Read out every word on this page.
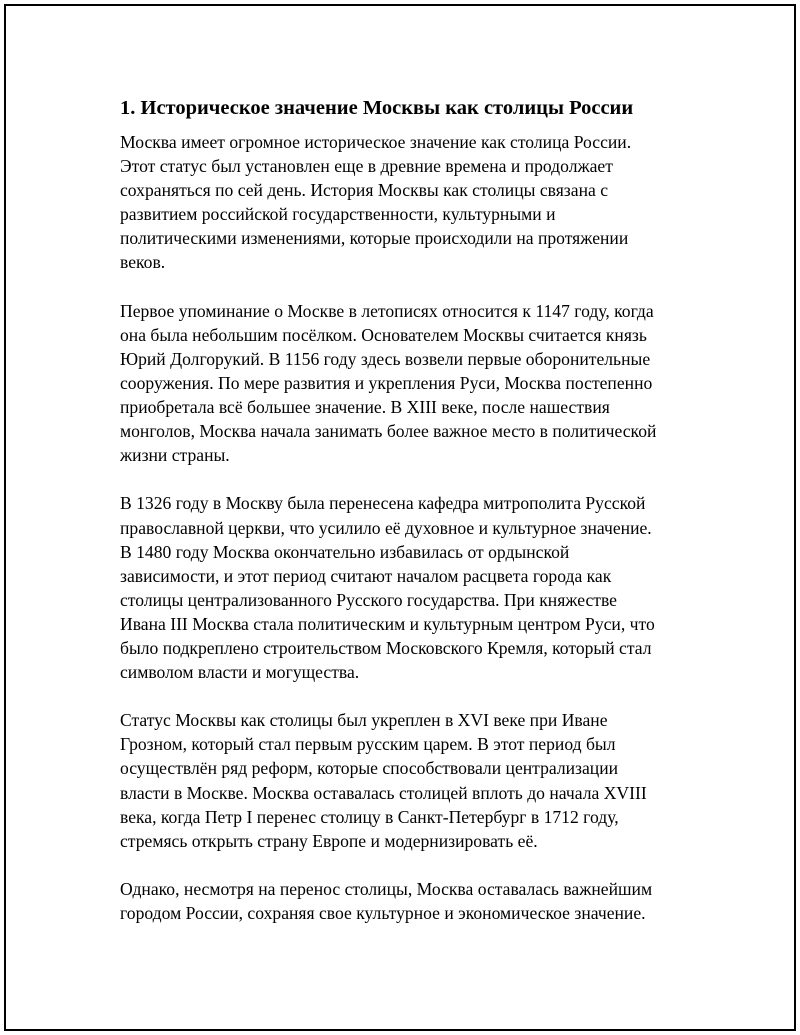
1. Историческое значение Москвы как столицы России

Москва имеет огромное историческое значение как столица России.
Этот статус был установлен еще в древние времена и продолжает
сохраняться по сей день. История Москвы как столицы связана с
развитием российской государственности, культурными и
политическими изменениями, которые происходили на протяжении
веков.

Первое упоминание о Москве в летописях относится к 1147 году, когда
она была небольшим посёлком. Основателем Москвы считается князь
Юрий Долгорукий. В 1156 году здесь возвели первые оборонительные
сооружения. По мере развития и укрепления Руси, Москва постепенно
приобретала всё большее значение. В XIII веке, после нашествия
монголов, Москва начала занимать более важное место в политической
жизни страны.

В 1326 году в Москву была перенесена кафедра митрополита Русской
православной церкви, что усилило её духовное и культурное значение.
В 1480 году Москва окончательно избавилась от ордынской
зависимости, и этот период считают началом расцвета города как
столицы централизованного Русского государства. При княжестве
Ивана III Москва стала политическим и культурным центром Руси, что
было подкреплено строительством Московского Кремля, который стал
символом власти и могущества.

Статус Москвы как столицы был укреплен в XVI веке при Иване
Грозном, который стал первым русским царем. В этот период был
осуществлён ряд реформ, которые способствовали централизации
власти в Москве. Москва оставалась столицей вплоть до начала XVIII
века, когда Петр I перенес столицу в Санкт-Петербург в 1712 году,
стремясь открыть страну Европе и модернизировать её.

Однако, несмотря на перенос столицы, Москва оставалась важнейшим
городом России, сохраняя свое культурное и экономическое значение.
